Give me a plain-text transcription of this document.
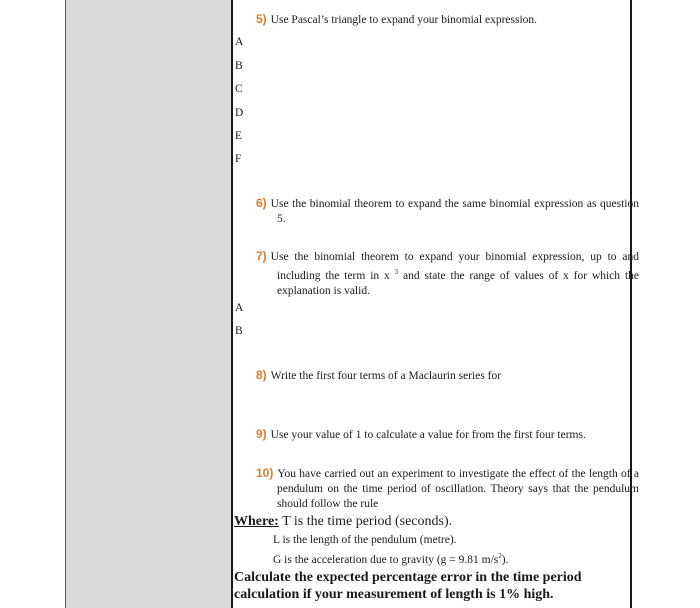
5) Use Pascal’s triangle to expand your binomial expression.
A
B
C
D
E
F
6) Use the binomial theorem to expand the same binomial expression as question 5.
7) Use the binomial theorem to expand your binomial expression, up to and including the term in x $^3$ and state the range of values of x for which the explanation is valid.
A
B
8) Write the first four terms of a Maclaurin series for
9) Use your value of 1 to calculate a value for from the first four terms.
10) You have carried out an experiment to investigate the effect of the length of a pendulum on the time period of oscillation. Theory says that the pendulum should follow the rule
Where: T is the time period (seconds).
L is the length of the pendulum (metre).
G is the acceleration due to gravity (g = 9.81 $m/s^2$).
Calculate the expected percentage error in the time period calculation if your measurement of length is 1% high.
